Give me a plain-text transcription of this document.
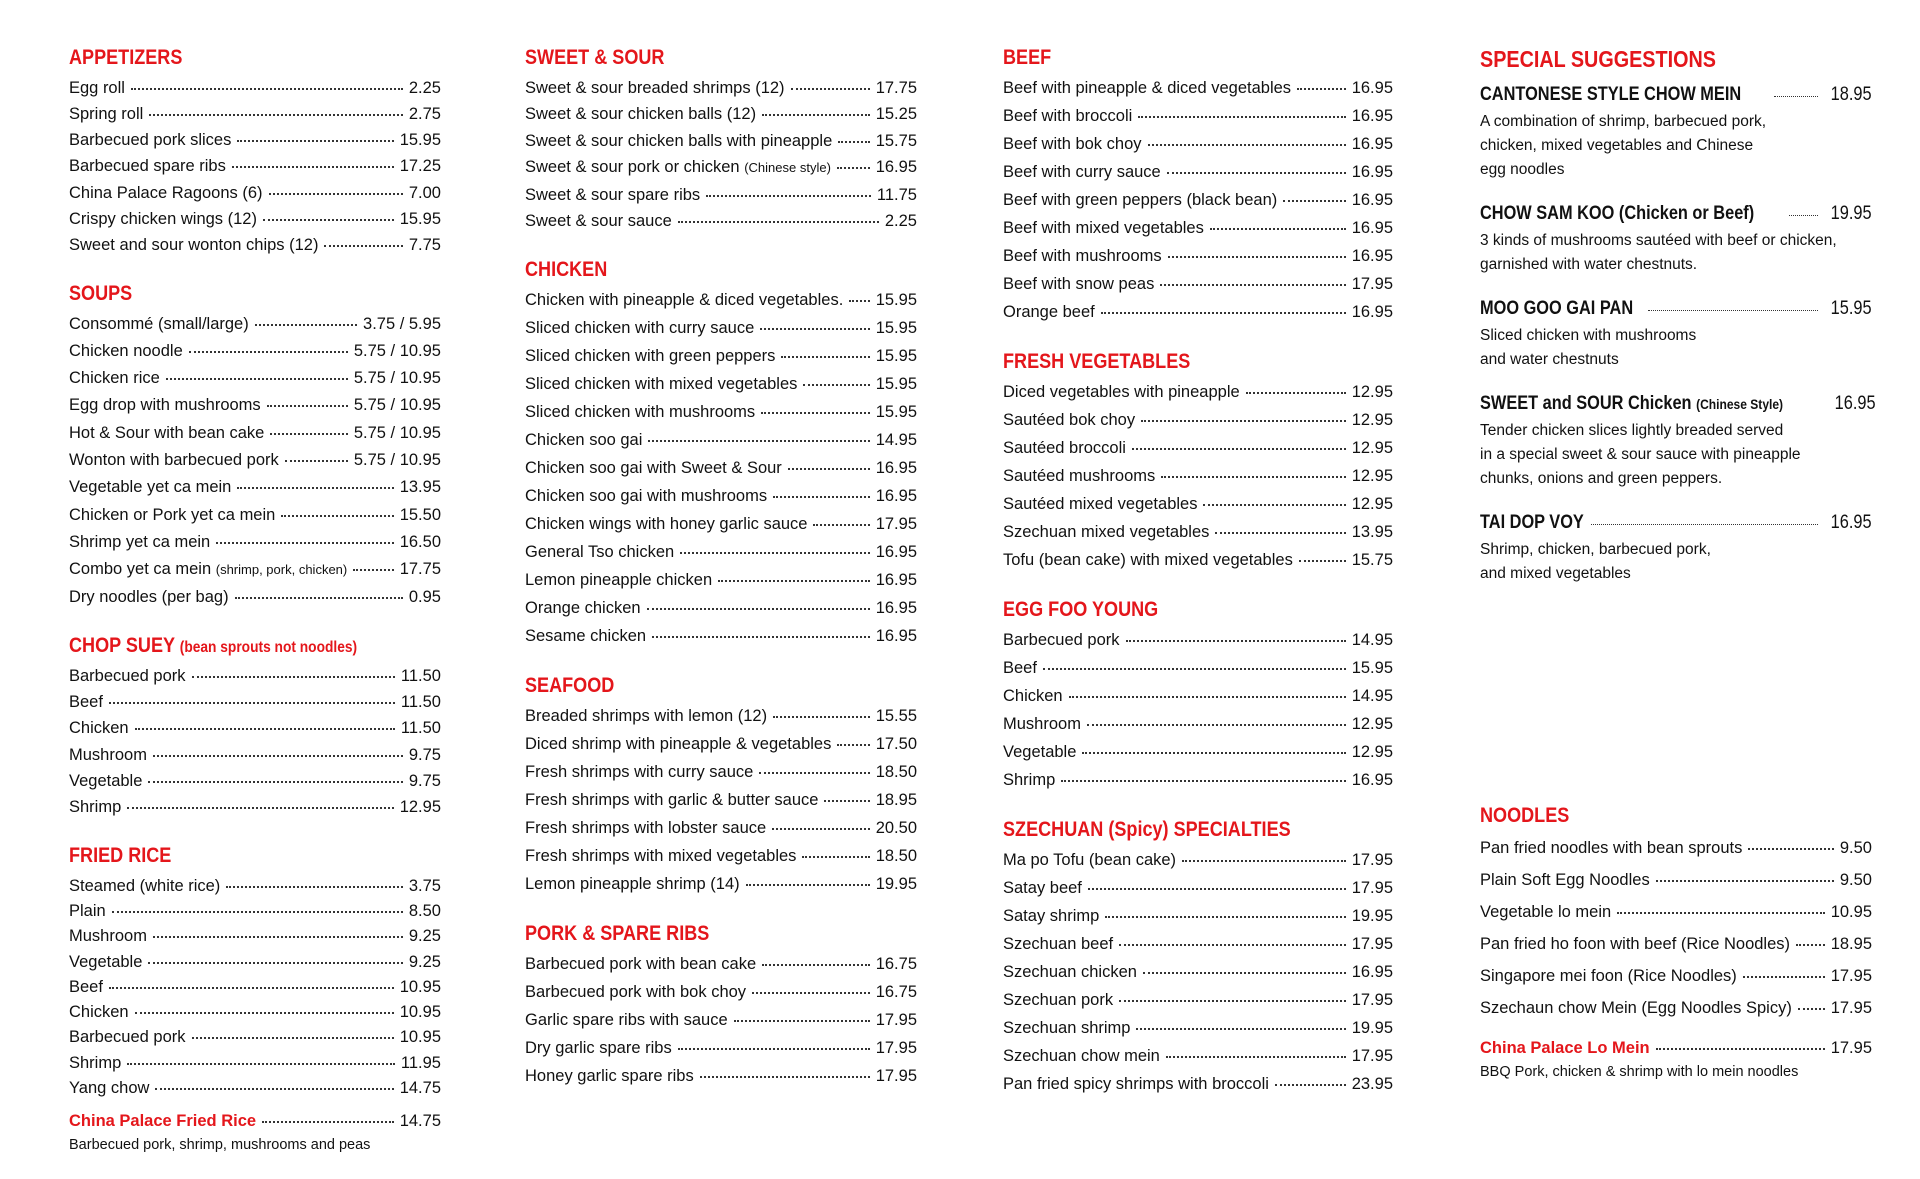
APPETIZERS
Egg roll	2.25
Spring roll	2.75
Barbecued pork slices	15.95
Barbecued spare ribs	17.25
China Palace Ragoons (6)	7.00
Crispy chicken wings (12)	15.95
Sweet and sour wonton chips (12)	7.75
SOUPS
Consommé (small/large)	3.75 / 5.95
Chicken noodle	5.75 / 10.95
Chicken rice	5.75 / 10.95
Egg drop with mushrooms	5.75 / 10.95
Hot & Sour with bean cake	5.75 / 10.95
Wonton with barbecued pork	5.75 / 10.95
Vegetable yet ca mein	13.95
Chicken or Pork yet ca mein	15.50
Shrimp yet ca mein	16.50
Combo yet ca mein (shrimp, pork, chicken)	17.75
Dry noodles (per bag)	0.95
CHOP SUEY (bean sprouts not noodles)
Barbecued pork	11.50
Beef	11.50
Chicken	11.50
Mushroom	9.75
Vegetable	9.75
Shrimp	12.95
FRIED RICE
Steamed (white rice)	3.75
Plain	8.50
Mushroom	9.25
Vegetable	9.25
Beef	10.95
Chicken	10.95
Barbecued pork	10.95
Shrimp	11.95
Yang chow	14.75
China Palace Fried Rice	14.75
Barbecued pork, shrimp, mushrooms and peas
SWEET & SOUR
Sweet & sour breaded shrimps (12)	17.75
Sweet & sour chicken balls (12)	15.25
Sweet & sour chicken balls with pineapple	15.75
Sweet & sour pork or chicken (Chinese style)	16.95
Sweet & sour spare ribs	11.75
Sweet & sour sauce	2.25
CHICKEN
Chicken with pineapple & diced vegetables. 15.95
Sliced chicken with curry sauce	15.95
Sliced chicken with green peppers	15.95
Sliced chicken with mixed vegetables	15.95
Sliced chicken with mushrooms	15.95
Chicken soo gai	14.95
Chicken soo gai with Sweet & Sour	16.95
Chicken soo gai with mushrooms	16.95
Chicken wings with honey garlic sauce	17.95
General Tso chicken	16.95
Lemon pineapple chicken	16.95
Orange chicken	16.95
Sesame chicken	16.95
SEAFOOD
Breaded shrimps with lemon (12)	15.55
Diced shrimp with pineapple & vegetables	17.50
Fresh shrimps with curry sauce	18.50
Fresh shrimps with garlic & butter sauce	18.95
Fresh shrimps with lobster sauce	20.50
Fresh shrimps with mixed vegetables	18.50
Lemon pineapple shrimp (14)	19.95
PORK & SPARE RIBS
Barbecued pork with bean cake	16.75
Barbecued pork with bok choy	16.75
Garlic spare ribs with sauce	17.95
Dry garlic spare ribs	17.95
Honey garlic spare ribs	17.95
BEEF
Beef with pineapple & diced vegetables	16.95
Beef with broccoli	16.95
Beef with bok choy	16.95
Beef with curry sauce	16.95
Beef with green peppers (black bean)	16.95
Beef with mixed vegetables	16.95
Beef with mushrooms	16.95
Beef with snow peas	17.95
Orange beef	16.95
FRESH VEGETABLES
Diced vegetables with pineapple	12.95
Sautéed bok choy	12.95
Sautéed broccoli	12.95
Sautéed mushrooms	12.95
Sautéed mixed vegetables	12.95
Szechuan mixed vegetables	13.95
Tofu (bean cake) with mixed vegetables	15.75
EGG FOO YOUNG
Barbecued pork	14.95
Beef	15.95
Chicken	14.95
Mushroom	12.95
Vegetable	12.95
Shrimp	16.95
SZECHUAN (Spicy) SPECIALTIES
Ma po Tofu (bean cake)	17.95
Satay beef	17.95
Satay shrimp	19.95
Szechuan beef	17.95
Szechuan chicken	16.95
Szechuan pork	17.95
Szechuan shrimp	19.95
Szechuan chow mein	17.95
Pan fried spicy shrimps with broccoli	23.95
SPECIAL SUGGESTIONS
CANTONESE STYLE CHOW MEIN	18.95
A combination of shrimp, barbecued pork,
chicken, mixed vegetables and Chinese
egg noodles
CHOW SAM KOO (Chicken or Beef)	19.95
3 kinds of mushrooms sautéed with beef or chicken,
garnished with water chestnuts.
MOO GOO GAI PAN	15.95
Sliced chicken with mushrooms
and water chestnuts
SWEET and SOUR Chicken (Chinese Style)	16.95
Tender chicken slices lightly breaded served
in a special sweet & sour sauce with pineapple
chunks, onions and green peppers.
TAI DOP VOY	16.95
Shrimp, chicken, barbecued pork,
and mixed vegetables
NOODLES
Pan fried noodles with bean sprouts	9.50
Plain Soft Egg Noodles	9.50
Vegetable lo mein	10.95
Pan fried ho foon with beef (Rice Noodles) 18.95
Singapore mei foon (Rice Noodles)	17.95
Szechaun chow Mein (Egg Noodles Spicy) 17.95
China Palace Lo Mein	17.95
BBQ Pork, chicken & shrimp with lo mein noodles
